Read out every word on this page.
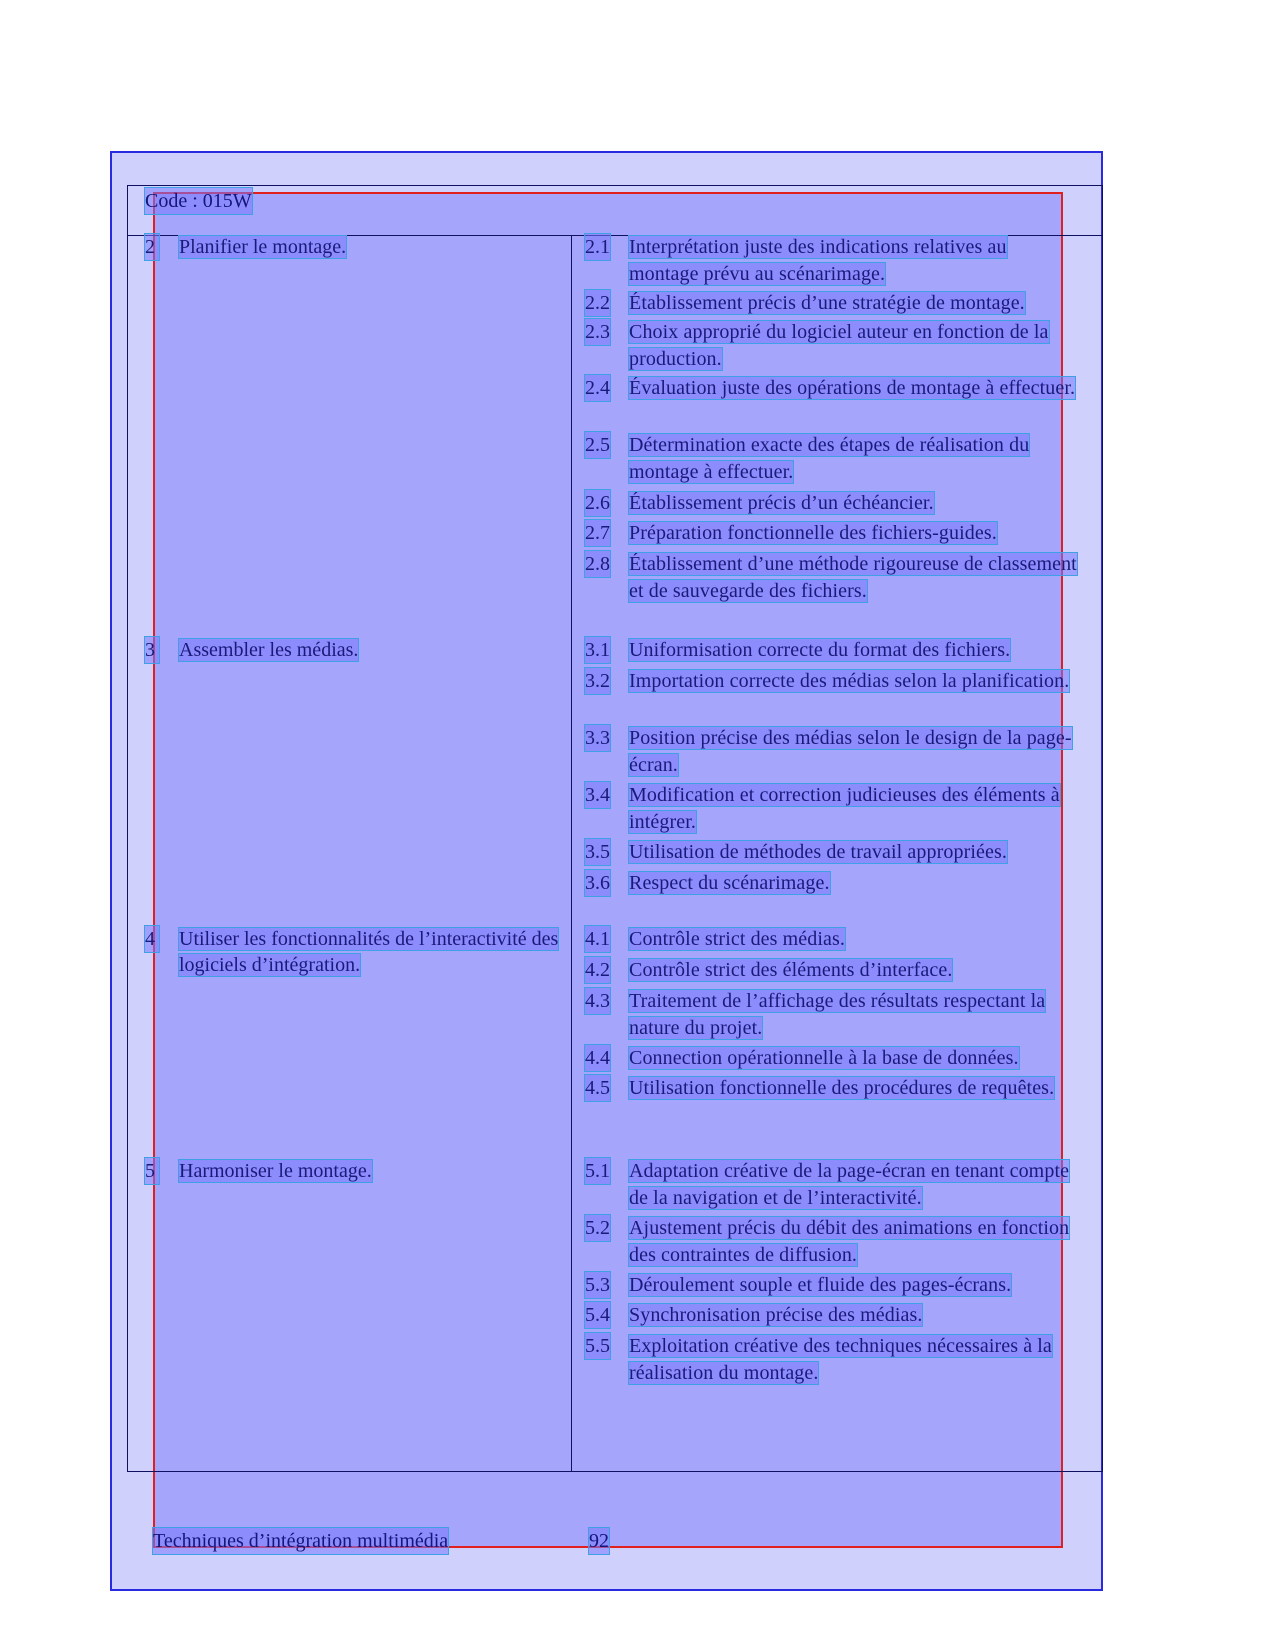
Code : 015W
2 Planifier le montage.	2.1 Interprétation juste des indications relatives au montage prévu au scénarimage.
2.2 Établissement précis d’une stratégie de montage.
2.3 Choix approprié du logiciel auteur en fonction de la production.
2.4 Évaluation juste des opérations de montage à effectuer.
2.5 Détermination exacte des étapes de réalisation du montage à effectuer.
2.6 Établissement précis d’un échéancier.
2.7 Préparation fonctionnelle des fichiers-guides.
2.8 Établissement d’une méthode rigoureuse de classement et de sauvegarde des fichiers.
3 Assembler les médias.	3.1 Uniformisation correcte du format des fichiers.
3.2 Importation correcte des médias selon la planification.
3.3 Position précise des médias selon le design de la page-écran.
3.4 Modification et correction judicieuses des éléments à intégrer.
3.5 Utilisation de méthodes de travail appropriées.
3.6 Respect du scénarimage.
4 Utiliser les fonctionnalités de l’interactivité des logiciels d’intégration.
4.1 Contrôle strict des médias.
4.2 Contrôle strict des éléments d’interface.
4.3 Traitement de l’affichage des résultats respectant la nature du projet.
4.4 Connection opérationnelle à la base de données.
4.5 Utilisation fonctionnelle des procédures de requêtes.
5 Harmoniser le montage.	5.1 Adaptation créative de la page-écran en tenant compte de la navigation et de l’interactivité.
5.2 Ajustement précis du débit des animations en fonction des contraintes de diffusion.
5.3 Déroulement souple et fluide des pages-écrans.
5.4 Synchronisation précise des médias.
5.5 Exploitation créative des techniques nécessaires à la réalisation du montage.
Techniques d’intégration multimédia	92
